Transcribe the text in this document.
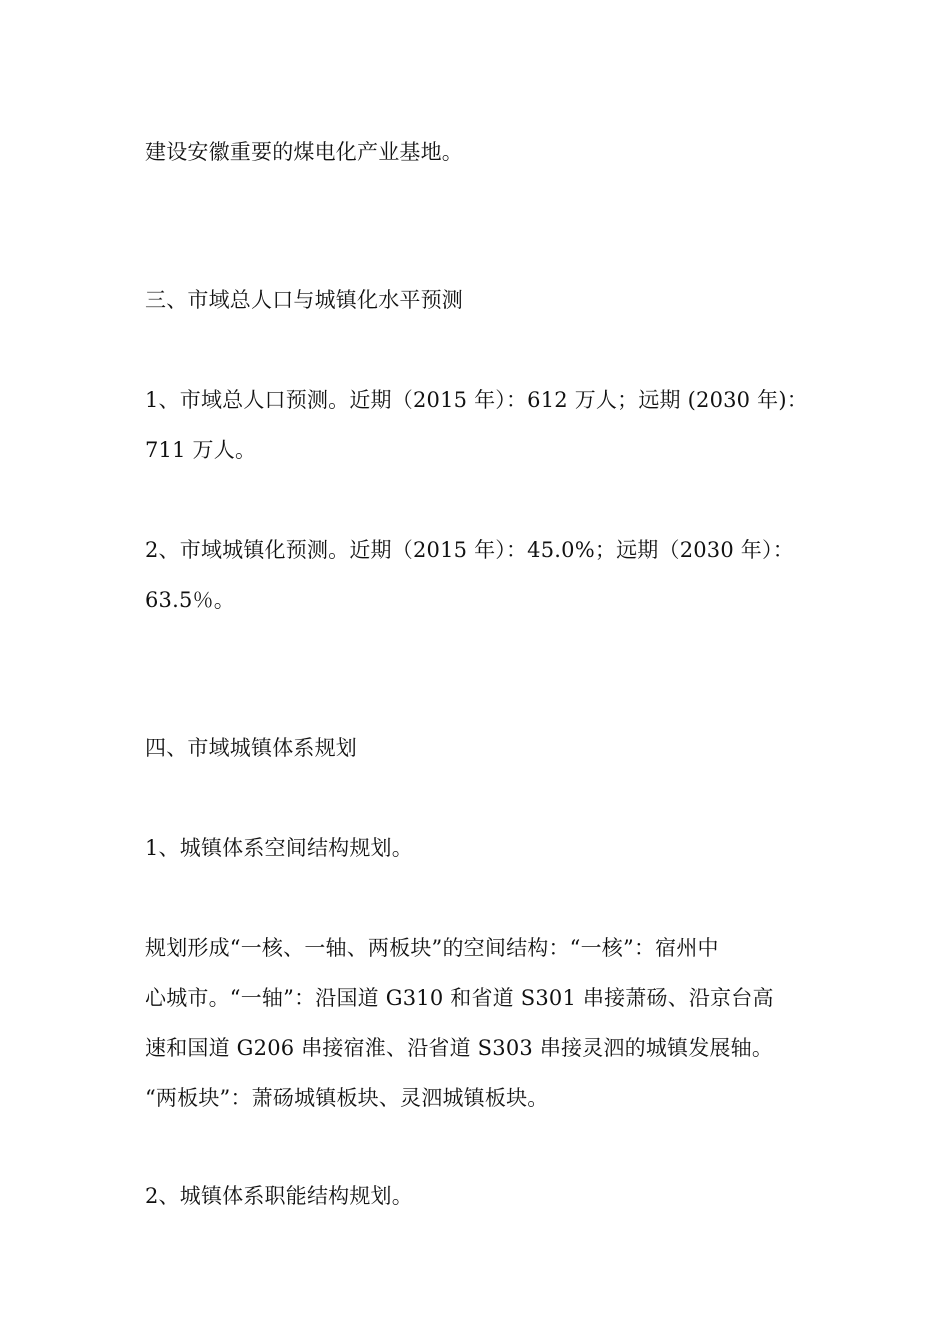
建设安徽重要的煤电化产业基地。
三、市域总人口与城镇化水平预测
1、市域总人口预测。近期（2015 年）：612 万人；远期 (2030 年)：
711 万人。
2、市域城镇化预测。近期（2015 年）：45.0%；远期（2030 年）：
63.5％。
四、市域城镇体系规划
1、城镇体系空间结构规划。
规划形成“一核、一轴、两板块”的空间结构：“一核”：宿州中
心城市。“一轴”：沿国道 G310 和省道 S301 串接萧砀、沿京台高
速和国道 G206 串接宿淮、沿省道 S303 串接灵泗的城镇发展轴。
“两板块”：萧砀城镇板块、灵泗城镇板块。
2、城镇体系职能结构规划。
